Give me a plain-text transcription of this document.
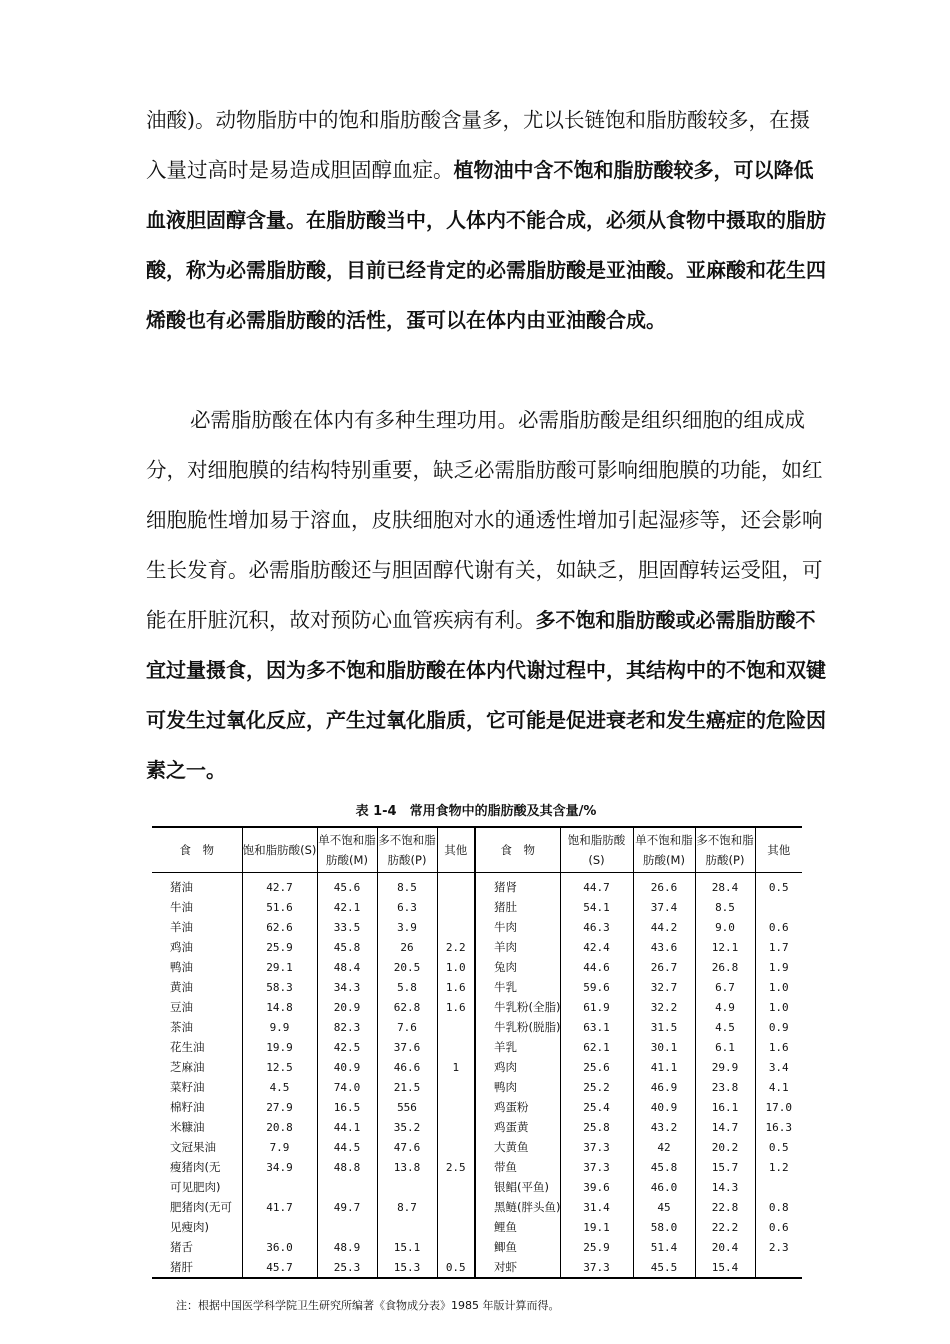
油酸)。动物脂肪中的饱和脂肪酸含量多，尤以长链饱和脂肪酸较多，在摄入量过高时是易造成胆固醇血症。植物油中含不饱和脂肪酸较多，可以降低血液胆固醇含量。在脂肪酸当中，人体内不能合成，必须从食物中摄取的脂肪酸，称为必需脂肪酸，目前已经肯定的必需脂肪酸是亚油酸。亚麻酸和花生四烯酸也有必需脂肪酸的活性，蛋可以在体内由亚油酸合成。

必需脂肪酸在体内有多种生理功用。必需脂肪酸是组织细胞的组成成分，对细胞膜的结构特别重要，缺乏必需脂肪酸可影响细胞膜的功能，如红细胞脆性增加易于溶血，皮肤细胞对水的通透性增加引起湿疹等，还会影响生长发育。必需脂肪酸还与胆固醇代谢有关，如缺乏，胆固醇转运受阻，可能在肝脏沉积，故对预防心血管疾病有利。多不饱和脂肪酸或必需脂肪酸不宜过量摄食，因为多不饱和脂肪酸在体内代谢过程中，其结构中的不饱和双键可发生过氧化反应，产生过氧化脂质，它可能是促进衰老和发生癌症的危险因素之一。

表 1-4　常用食物中的脂肪酸及其含量/%
食　物	饱和脂肪酸(S)	单不饱和脂肪酸(M)	多不饱和脂肪酸(P)	其他	食　物	饱和脂肪酸(S)	单不饱和脂肪酸(M)	多不饱和脂肪酸(P)	其他
猪油	42.7	45.6	8.5		猪肾	44.7	26.6	28.4	0.5
牛油	51.6	42.1	6.3		猪肚	54.1	37.4	8.5	
羊油	62.6	33.5	3.9		牛肉	46.3	44.2	9.0	0.6
鸡油	25.9	45.8	26	2.2	羊肉	42.4	43.6	12.1	1.7
鸭油	29.1	48.4	20.5	1.0	兔肉	44.6	26.7	26.8	1.9
黄油	58.3	34.3	5.8	1.6	牛乳	59.6	32.7	6.7	1.0
豆油	14.8	20.9	62.8	1.6	牛乳粉(全脂)	61.9	32.2	4.9	1.0
茶油	9.9	82.3	7.6		牛乳粉(脱脂)	63.1	31.5	4.5	0.9
花生油	19.9	42.5	37.6		羊乳	62.1	30.1	6.1	1.6
芝麻油	12.5	40.9	46.6	1	鸡肉	25.6	41.1	29.9	3.4
菜籽油	4.5	74.0	21.5		鸭肉	25.2	46.9	23.8	4.1
棉籽油	27.9	16.5	556		鸡蛋粉	25.4	40.9	16.1	17.0
米糠油	20.8	44.1	35.2		鸡蛋黄	25.8	43.2	14.7	16.3
文冠果油	7.9	44.5	47.6		大黄鱼	37.3	42	20.2	0.5
瘦猪肉(无	34.9	48.8	13.8	2.5	带鱼	37.3	45.8	15.7	1.2
可见肥肉)					银鲳(平鱼)	39.6	46.0	14.3	
肥猪肉(无可	41.7	49.7	8.7		黑鲢(胖头鱼)	31.4	45	22.8	0.8
见瘦肉)					鲤鱼	19.1	58.0	22.2	0.6
猪舌	36.0	48.9	15.1		鲫鱼	25.9	51.4	20.4	2.3
猪肝	45.7	25.3	15.3	0.5	对虾	37.3	45.5	15.4	
注：根据中国医学科学院卫生研究所编著《食物成分表》1985 年版计算而得。
